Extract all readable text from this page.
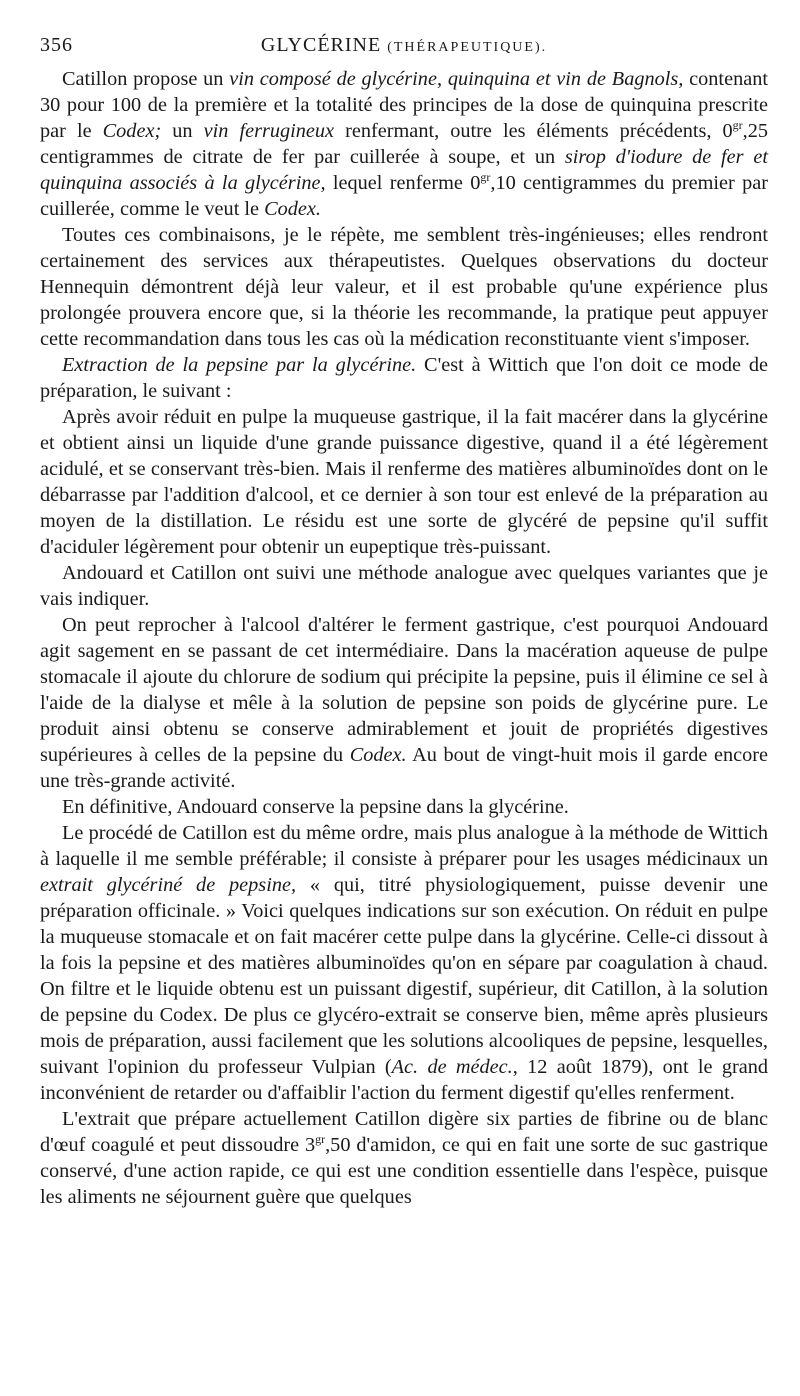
356	GLYCÉRINE (THÉRAPEUTIQUE).

Catillon propose un vin composé de glycérine, quinquina et vin de Bagnols, contenant 30 pour 100 de la première et la totalité des principes de la dose de quinquina prescrite par le Codex; un vin ferrugineux renfermant, outre les éléments précédents, $0^{gr},25$ centigrammes de citrate de fer par cuillerée à soupe, et un sirop d'iodure de fer et quinquina associés à la glycérine, lequel renferme $0^{gr},10$ centigrammes du premier par cuillerée, comme le veut le Codex.

Toutes ces combinaisons, je le répète, me semblent très-ingénieuses; elles rendront certainement des services aux thérapeutistes. Quelques observations du docteur Hennequin démontrent déjà leur valeur, et il est probable qu'une expérience plus prolongée prouvera encore que, si la théorie les recommande, la pratique peut appuyer cette recommandation dans tous les cas où la médication reconstituante vient s'imposer.

Extraction de la pepsine par la glycérine. C'est à Wittich que l'on doit ce mode de préparation, le suivant :

Après avoir réduit en pulpe la muqueuse gastrique, il la fait macérer dans la glycérine et obtient ainsi un liquide d'une grande puissance digestive, quand il a été légèrement acidulé, et se conservant très-bien. Mais il renferme des matières albuminoïdes dont on le débarrasse par l'addition d'alcool, et ce dernier à son tour est enlevé de la préparation au moyen de la distillation. Le résidu est une sorte de glycéré de pepsine qu'il suffit d'aciduler légèrement pour obtenir un eupeptique très-puissant.

Andouard et Catillon ont suivi une méthode analogue avec quelques variantes que je vais indiquer.

On peut reprocher à l'alcool d'altérer le ferment gastrique, c'est pourquoi Andouard agit sagement en se passant de cet intermédiaire. Dans la macération aqueuse de pulpe stomacale il ajoute du chlorure de sodium qui précipite la pepsine, puis il élimine ce sel à l'aide de la dialyse et mêle à la solution de pepsine son poids de glycérine pure. Le produit ainsi obtenu se conserve admirablement et jouit de propriétés digestives supérieures à celles de la pepsine du Codex. Au bout de vingt-huit mois il garde encore une très-grande activité.

En définitive, Andouard conserve la pepsine dans la glycérine.

Le procédé de Catillon est du même ordre, mais plus analogue à la méthode de Wittich à laquelle il me semble préférable; il consiste à préparer pour les usages médicinaux un extrait glycériné de pepsine, « qui, titré physiologiquement, puisse devenir une préparation officinale. » Voici quelques indications sur son exécution. On réduit en pulpe la muqueuse stomacale et on fait macérer cette pulpe dans la glycérine. Celle-ci dissout à la fois la pepsine et des matières albuminoïdes qu'on en sépare par coagulation à chaud. On filtre et le liquide obtenu est un puissant digestif, supérieur, dit Catillon, à la solution de pepsine du Codex. De plus ce glycéro-extrait se conserve bien, même après plusieurs mois de préparation, aussi facilement que les solutions alcooliques de pepsine, lesquelles, suivant l'opinion du professeur Vulpian (Ac. de médec., 12 août 1879), ont le grand inconvénient de retarder ou d'affaiblir l'action du ferment digestif qu'elles renferment.

L'extrait que prépare actuellement Catillon digère six parties de fibrine ou de blanc d'œuf coagulé et peut dissoudre $3^{gr},50$ d'amidon, ce qui en fait une sorte de suc gastrique conservé, d'une action rapide, ce qui est une condition essentielle dans l'espèce, puisque les aliments ne séjournent guère que quelques
